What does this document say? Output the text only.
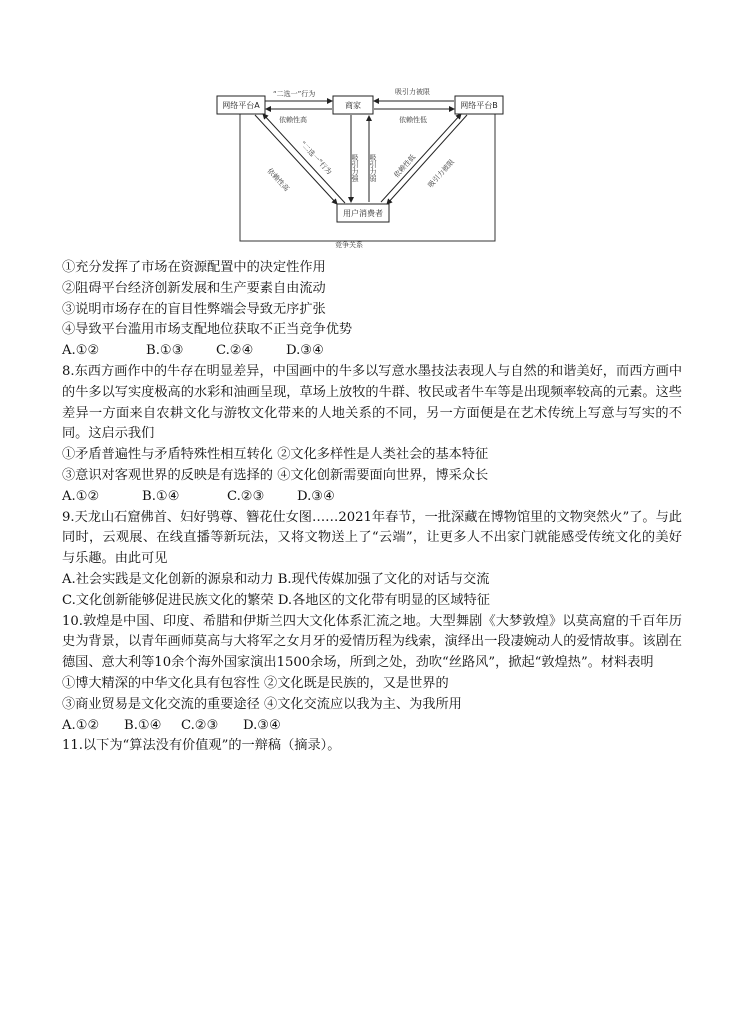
竞争关系
网络平台A	商家	网络平台B
用户消费者
“二选一”行为
依赖性高
吸引力被限
依赖性低
吸引力强 吸引力弱
“二选一”行为
依赖性高
依赖性低 吸引力被限
①充分发挥了市场在资源配置中的决定性作用
②阻碍平台经济创新发展和生产要素自由流动
③说明市场存在的盲目性弊端会导致无序扩张
④导致平台滥用市场支配地位获取不正当竞争优势
A.①②	B.①③ C.②④ D.③④
8.东西方画作中的牛存在明显差异，中国画中的牛多以写意水墨技法表现人与自然的和谐美好，而西方画中的牛多以写实度极高的水彩和油画呈现，草场上放牧的牛群、牧民或者牛车等是出现频率较高的元素。这些差异一方面来自农耕文化与游牧文化带来的人地关系的不同，另一方面便是在艺术传统上写意与写实的不同。这启示我们
①矛盾普遍性与矛盾特殊性相互转化 ②文化多样性是人类社会的基本特征
③意识对客观世界的反映是有选择的 ④文化创新需要面向世界，博采众长
A.①②	B.①④	C.②③ D.③④
9.天龙山石窟佛首、妇好鸮尊、簪花仕女图……2021年春节，一批深藏在博物馆里的文物突然火”了。与此同时，云观展、在线直播等新玩法，又将文物送上了“云端”，让更多人不出家门就能感受传统文化的美好与乐趣。由此可见
A.社会实践是文化创新的源泉和动力 B.现代传媒加强了文化的对话与交流
C.文化创新能够促进民族文化的繁荣 D.各地区的文化带有明显的区域特征
10.敦煌是中国、印度、希腊和伊斯兰四大文化体系汇流之地。大型舞剧《大梦敦煌》以莫高窟的千百年历史为背景，以青年画师莫高与大将军之女月牙的爱情历程为线索，演绎出一段凄婉动人的爱情故事。该剧在德国、意大利等10余个海外国家演出1500余场，所到之处，劲吹“丝路风”，掀起“敦煌热”。材料表明
①博大精深的中华文化具有包容性 ②文化既是民族的，又是世界的
③商业贸易是文化交流的重要途径 ④文化交流应以我为主、为我所用
A.①② B.①④ C.②③ D.③④
11.以下为“算法没有价值观”的一辩稿（摘录）。
